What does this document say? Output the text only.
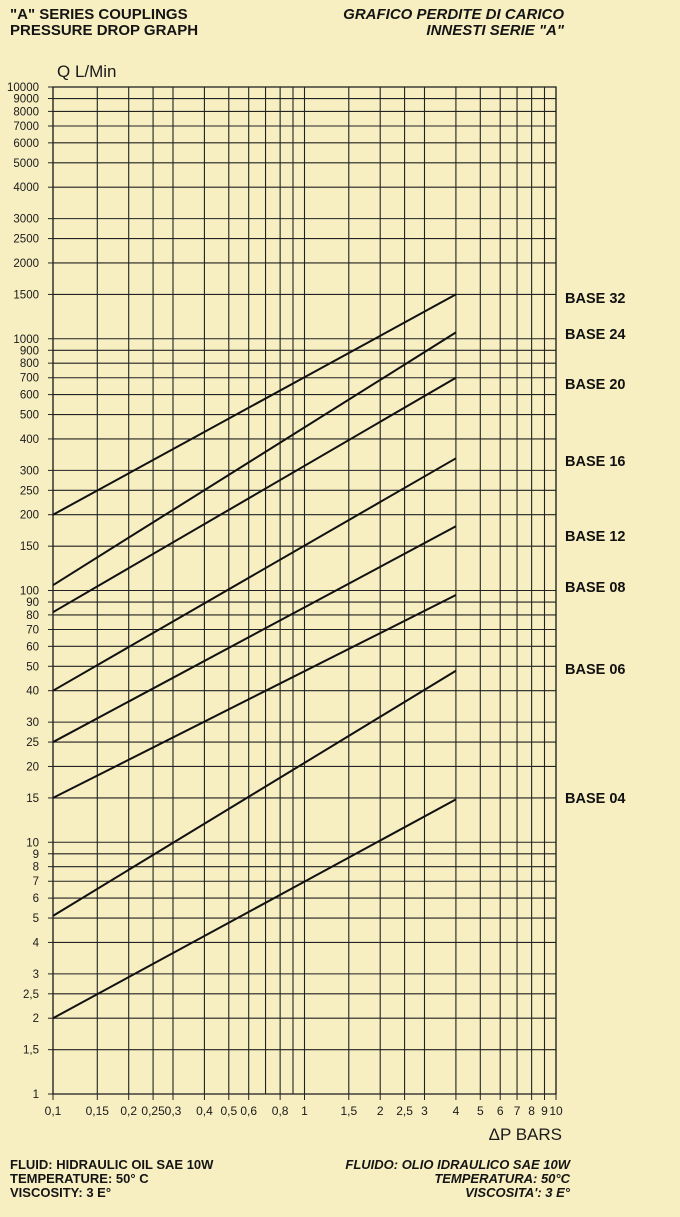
"A" SERIES COUPLINGS
PRESSURE DROP GRAPH
GRAFICO PERDITE DI CARICO
INNESTI SERIE "A"
1
1,5
2
2,5
3
4
5
6
7
8
9
10
15
20
25
30
40
50
60
70
80
90
100
150
200
250
300
400
500
600
700
800
900
1000
1500
2000
2500
3000
4000
5000
6000
7000
8000
9000
10000
0,1 0,15 0,2 0,25 0,3 0,4 0,5 0,6 0,8 1	1,5 2 2,5 3 4 5 6 7 8 9 10
Q L/Min
ΔP BARS
BASE 32
BASE 24
BASE 20
BASE 16
BASE 12
BASE 08
BASE 06
BASE 04
FLUID: HIDRAULIC OIL SAE 10W
TEMPERATURE: 50° C
VISCOSITY: 3 E°
FLUIDO: OLIO IDRAULICO SAE 10W
TEMPERATURA: 50°C
VISCOSITA': 3 E°
